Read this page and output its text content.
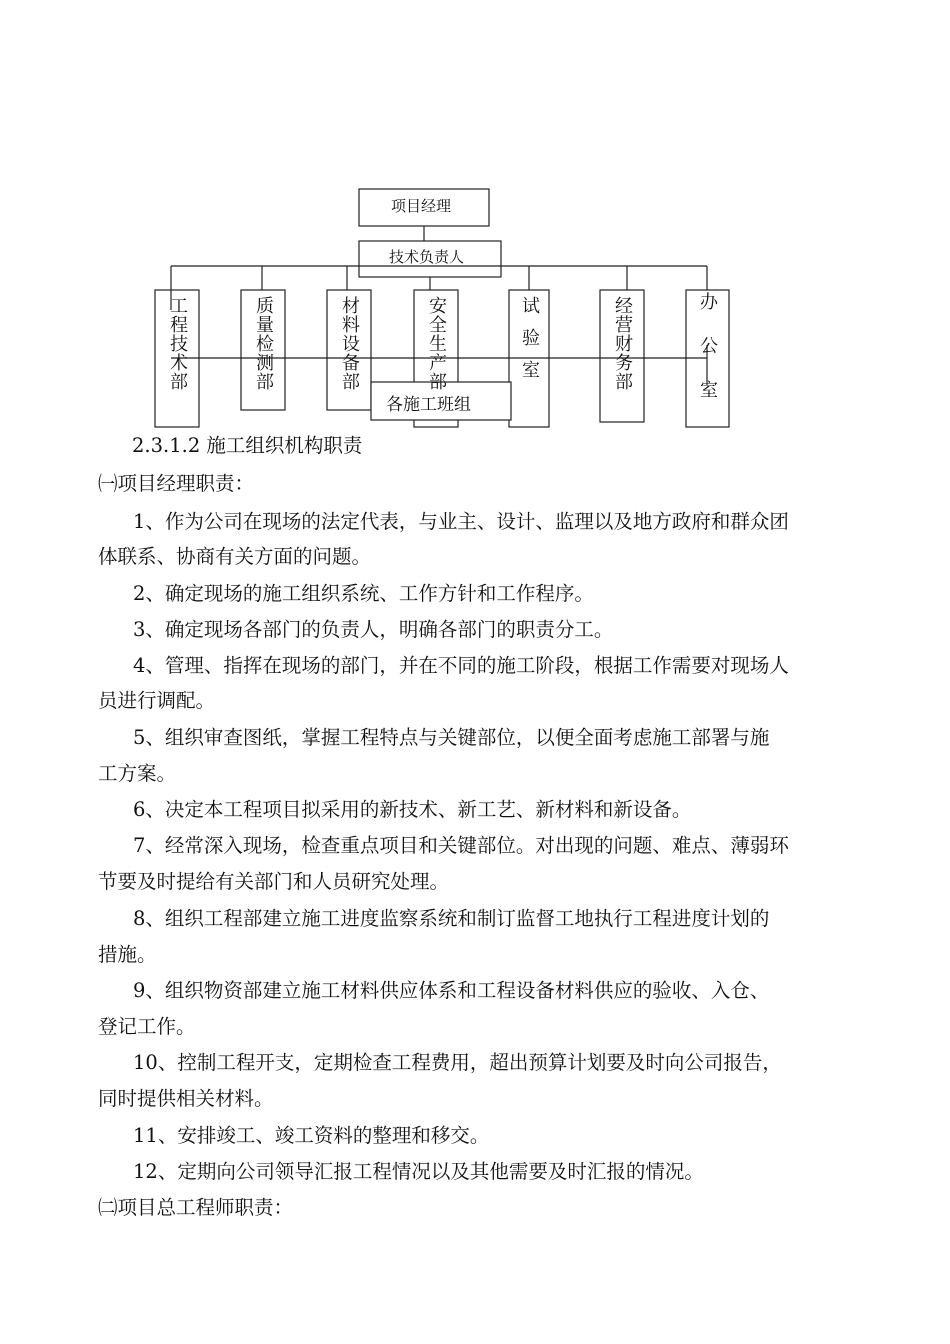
项目经理
技术负责人
工程技术部	质量检测部	材料设备部	安全生产部	试验室	经营财务部	办公室
各施工班组
2.3.1.2 施工组织机构职责
㈠项目经理职责：
1、作为公司在现场的法定代表，与业主、设计、监理以及地方政府和群众团
体联系、协商有关方面的问题。
2、确定现场的施工组织系统、工作方针和工作程序。
3、确定现场各部门的负责人，明确各部门的职责分工。
4、管理、指挥在现场的部门，并在不同的施工阶段，根据工作需要对现场人
员进行调配。
5、组织审查图纸，掌握工程特点与关键部位，以便全面考虑施工部署与施
工方案。
6、决定本工程项目拟采用的新技术、新工艺、新材料和新设备。
7、经常深入现场，检查重点项目和关键部位。对出现的问题、难点、薄弱环
节要及时提给有关部门和人员研究处理。
8、组织工程部建立施工进度监察系统和制订监督工地执行工程进度计划的
措施。
9、组织物资部建立施工材料供应体系和工程设备材料供应的验收、入仓、
登记工作。
10、控制工程开支，定期检查工程费用，超出预算计划要及时向公司报告，
同时提供相关材料。
11、安排竣工、竣工资料的整理和移交。
12、定期向公司领导汇报工程情况以及其他需要及时汇报的情况。
㈡项目总工程师职责：
